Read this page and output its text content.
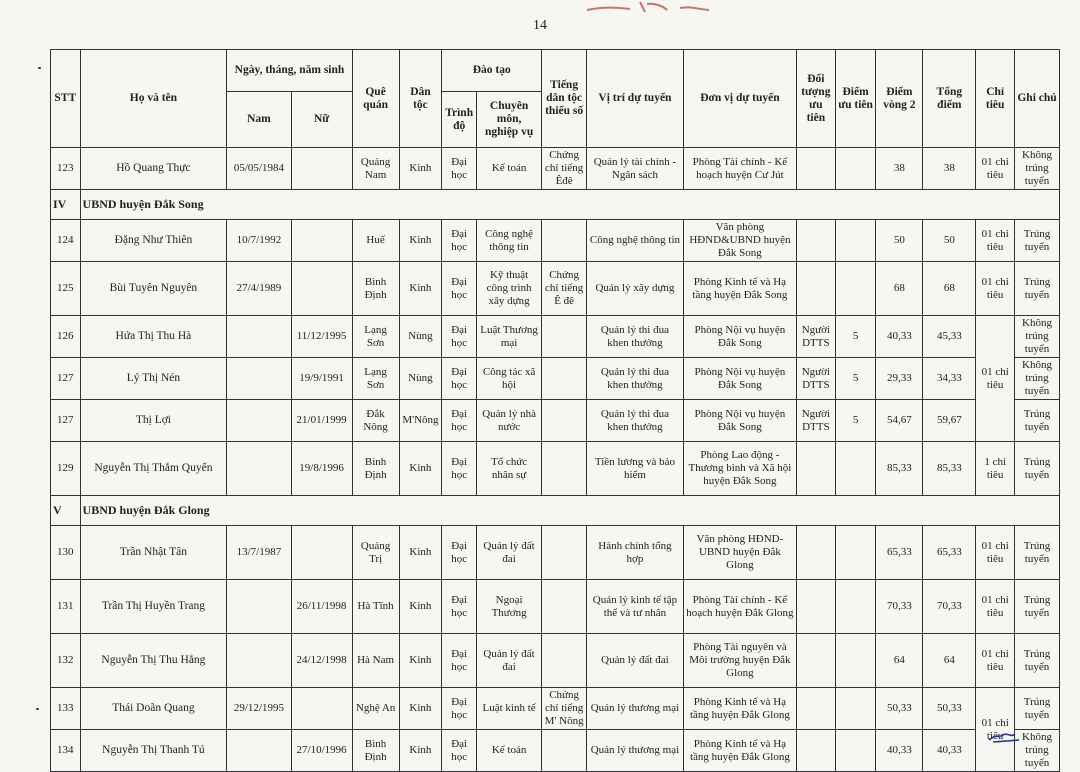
14
STT	Họ và tên	Ngày, tháng, năm sinh		Quê quán	Dân tộc	Đào tạo		Tiếng dân tộc thiểu số	Vị trí dự tuyển	Đơn vị dự tuyển	Đối tượng ưu tiên	Điểm ưu tiên	Điểm vòng 2	Tổng điểm	Chỉ tiêu	Ghi chú
		Nam	Nữ			Trình độ	Chuyên môn, nghiệp vụ									
123	Hồ Quang Thực	05/05/1984		Quảng Nam	Kinh	Đại học	Kế toán	Chứng chỉ tiếng Êđê	Quản lý tài chính - Ngân sách	Phòng Tài chính - Kế hoạch huyện Cư Jút			38	38	01 chỉ tiêu	Không trúng tuyển
IV	UBND huyện Đắk Song															
124	Đặng Như Thiên	10/7/1992		Huế	Kinh	Đại học	Công nghệ thông tin		Công nghệ thông tin	Văn phòng HĐND&UBND huyện Đắk Song			50	50	01 chỉ tiêu	Trúng tuyển
125	Bùi Tuyên Nguyên	27/4/1989		Bình Định	Kinh	Đại học	Kỹ thuật công trình xây dựng	Chứng chỉ tiếng Ê đê	Quản lý xây dựng	Phòng Kinh tế và Hạ tầng huyện Đắk Song			68	68	01 chỉ tiêu	Trúng tuyển
126	Hứa Thị Thu Hà		11/12/1995	Lạng Sơn	Nùng	Đại học	Luật Thương mại		Quản lý thi đua khen thưởng	Phòng Nội vụ huyện Đắk Song	Người DTTS	5	40,33	45,33	01 chỉ tiêu	Không trúng tuyển
127	Lý Thị Nén		19/9/1991	Lạng Sơn	Nùng	Đại học	Công tác xã hội		Quản lý thi đua khen thưởng	Phòng Nội vụ huyện Đắk Song	Người DTTS	5	29,33	34,33		Không trúng tuyển
127	Thị Lợi		21/01/1999	Đắk Nông	M'Nông	Đại học	Quản lý nhà nước		Quản lý thi đua khen thưởng	Phòng Nội vụ huyện Đắk Song	Người DTTS	5	54,67	59,67		Trúng tuyển
129	Nguyễn Thị Thắm Quyến		19/8/1996	Bình Định	Kinh	Đại học	Tổ chức nhân sự		Tiền lương và bảo hiểm	Phòng Lao động - Thương binh và Xã hội huyện Đắk Song			85,33	85,33	1 chỉ tiêu	Trúng tuyển
V	UBND huyện Đắk Glong															
130	Trần Nhật Tân	13/7/1987		Quảng Trị	Kinh	Đại học	Quản lý đất đai		Hành chính tổng hợp	Văn phòng HĐND-UBND huyện Đắk Glong			65,33	65,33	01 chỉ tiêu	Trúng tuyển
131	Trần Thị Huyền Trang		26/11/1998	Hà Tĩnh	Kinh	Đại học	Ngoại Thương		Quản lý kinh tế tập thể và tư nhân	Phòng Tài chính - Kế hoạch huyện Đắk Glong			70,33	70,33	01 chỉ tiêu	Trúng tuyển
132	Nguyễn Thị Thu Hằng		24/12/1998	Hà Nam	Kinh	Đại học	Quản lý đất đai		Quản lý đất đai	Phòng Tài nguyên và Môi trường huyện Đắk Glong			64	64	01 chỉ tiêu	Trúng tuyển
133	Thái Doãn Quang	29/12/1995		Nghệ An	Kinh	Đại học	Luật kinh tế	Chứng chỉ tiếng M' Nông	Quản lý thương mại	Phòng Kinh tế và Hạ tầng huyện Đắk Glong			50,33	50,33	01 chỉ tiêu	Trúng tuyển
134	Nguyễn Thị Thanh Tú		27/10/1996	Bình Định	Kinh	Đại học	Kế toán		Quản lý thương mại	Phòng Kinh tế và Hạ tầng huyện Đắk Glong			40,33	40,33		Không trúng tuyển
